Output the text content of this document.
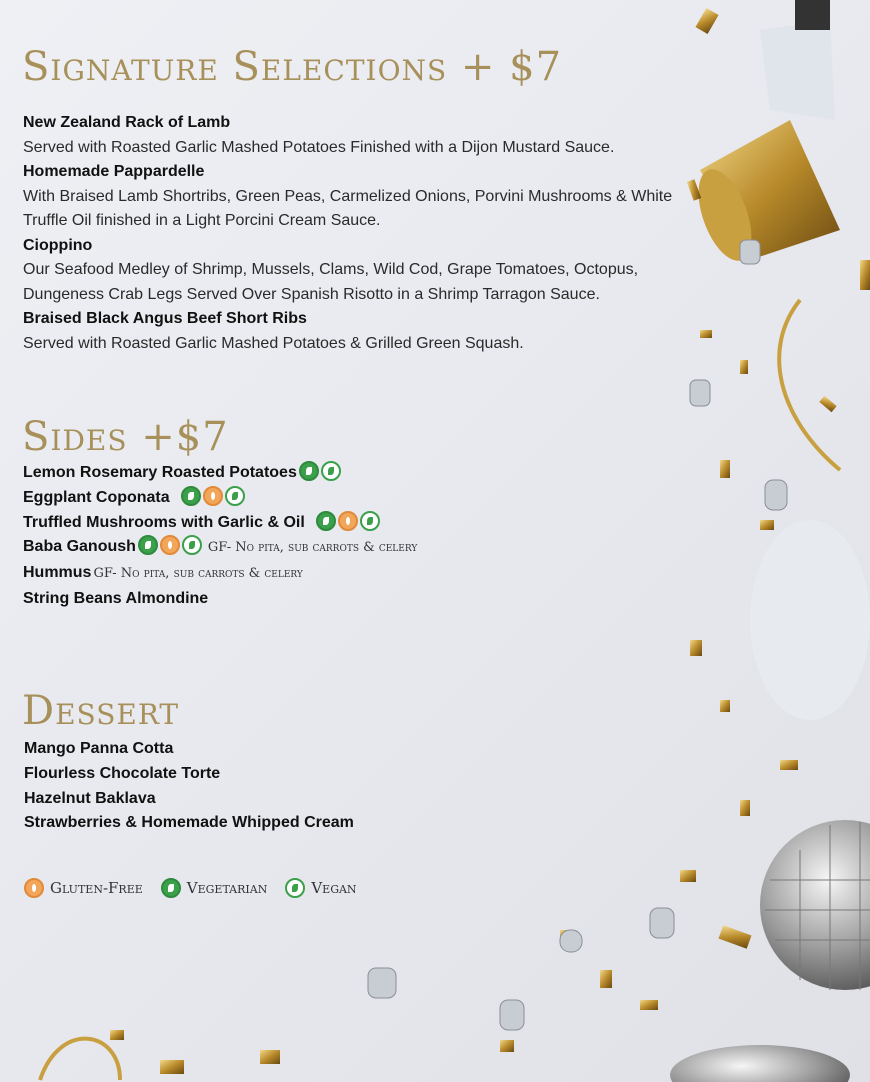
Signature Selections + $7
New Zealand Rack of Lamb
Served with Roasted Garlic Mashed Potatoes Finished with a Dijon Mustard Sauce.
Homemade Pappardelle
With Braised Lamb Shortribs, Green Peas, Carmelized Onions, Porvini Mushrooms & White Truffle Oil finished in a Light Porcini Cream Sauce.
Cioppino
Our Seafood Medley of Shrimp, Mussels, Clams, Wild Cod, Grape Tomatoes, Octopus, Dungeness Crab Legs Served Over Spanish Risotto in a Shrimp Tarragon Sauce.
Braised Black Angus Beef Short Ribs
Served with Roasted Garlic Mashed Potatoes & Grilled Green Squash.
Sides +$7
Lemon Rosemary Roasted Potatoes
Eggplant Coponata
Truffled Mushrooms with Garlic & Oil
Baba Ganoush	GF- No pita, sub carrots & celery
Hummus GF- No pita, sub carrots & celery
String Beans Almondine
Dessert
Mango Panna Cotta
Flourless Chocolate Torte
Hazelnut Baklava
Strawberries & Homemade Whipped Cream
Gluten-Free	Vegetarian	Vegan
